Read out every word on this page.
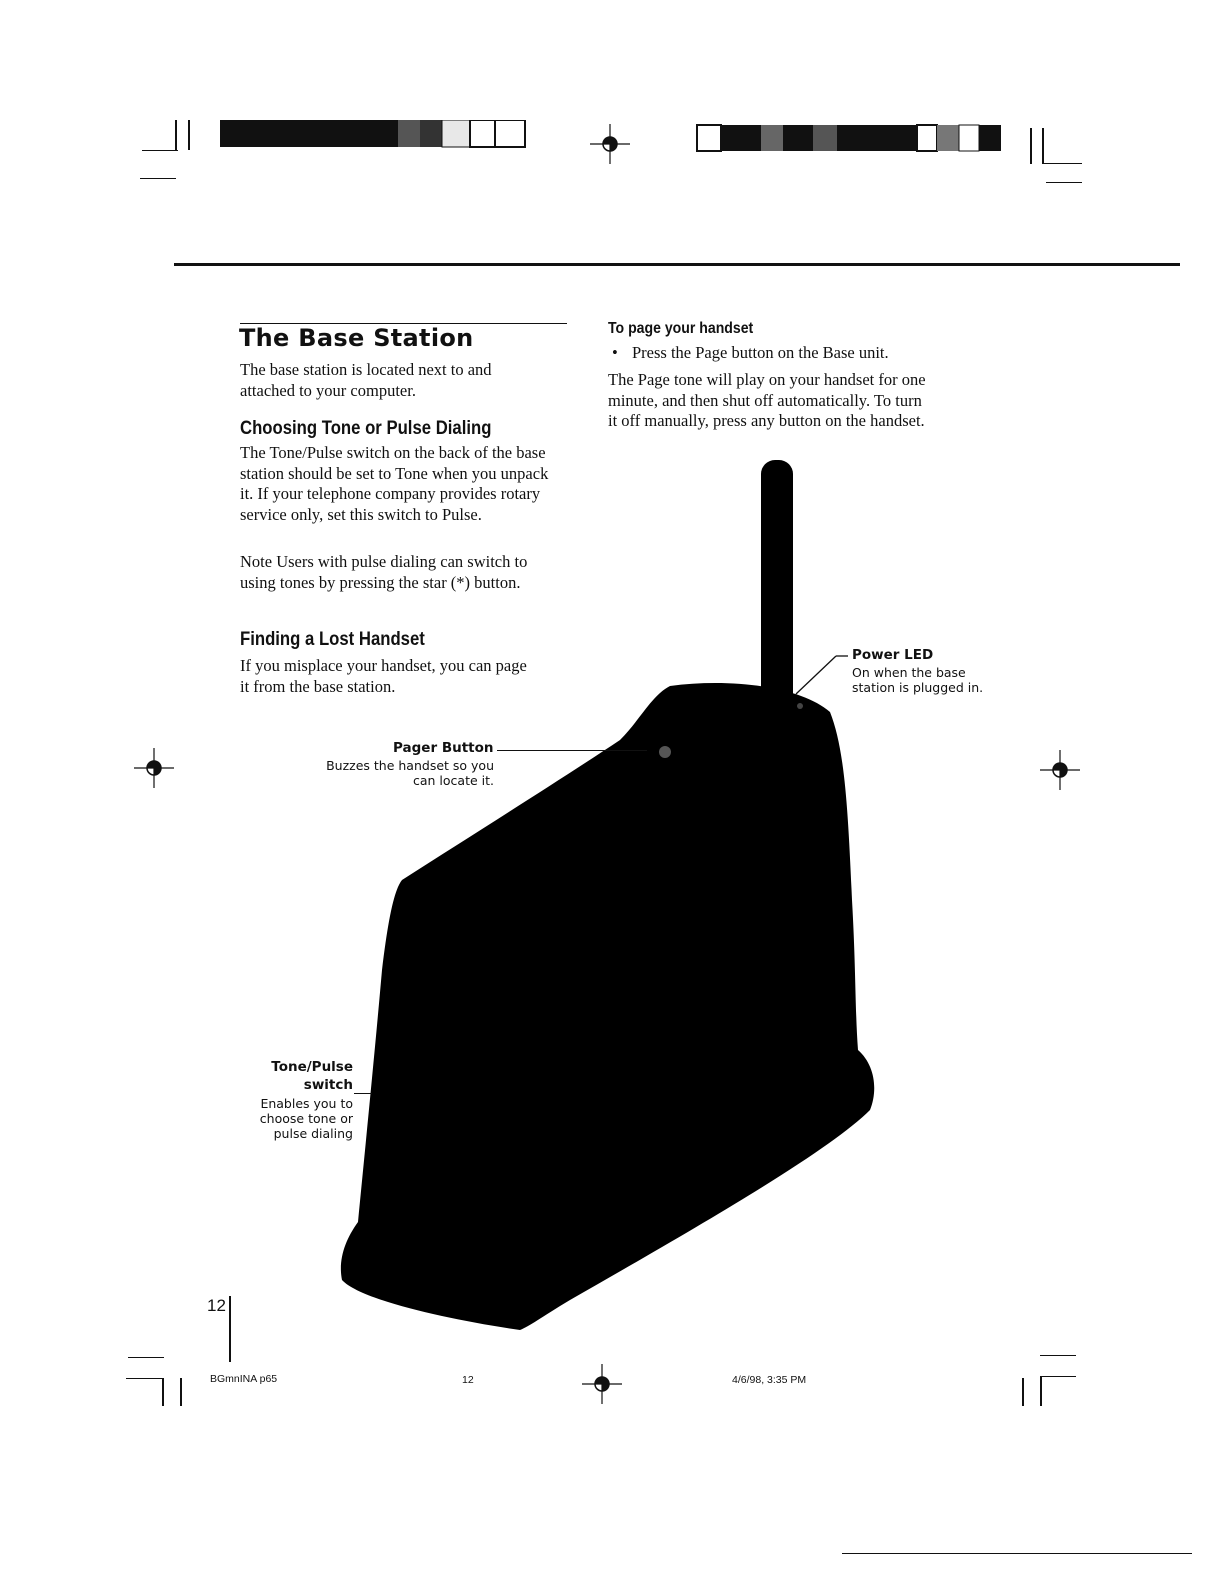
The Base Station
The base station is located next to and attached to your computer.
Choosing Tone or Pulse Dialing
The Tone/Pulse switch on the back of the base station should be set to Tone when you unpack it. If your telephone company provides rotary service only, set this switch to Pulse.
Note Users with pulse dialing can switch to using tones by pressing the star (*) button.
Finding a Lost Handset
If you misplace your handset, you can page it from the base station.
To page your handset
• Press the Page button on the Base unit.
The Page tone will play on your handset for one minute, and then shut off automatically. To turn it off manually, press any button on the handset.
Power LED
On when the base station is plugged in.
Pager Button
Buzzes the handset so you can locate it.
Tone/Pulse switch
Enables you to choose tone or pulse dialing
12
BGmnINA p65	12	4/6/98, 3:35 PM
